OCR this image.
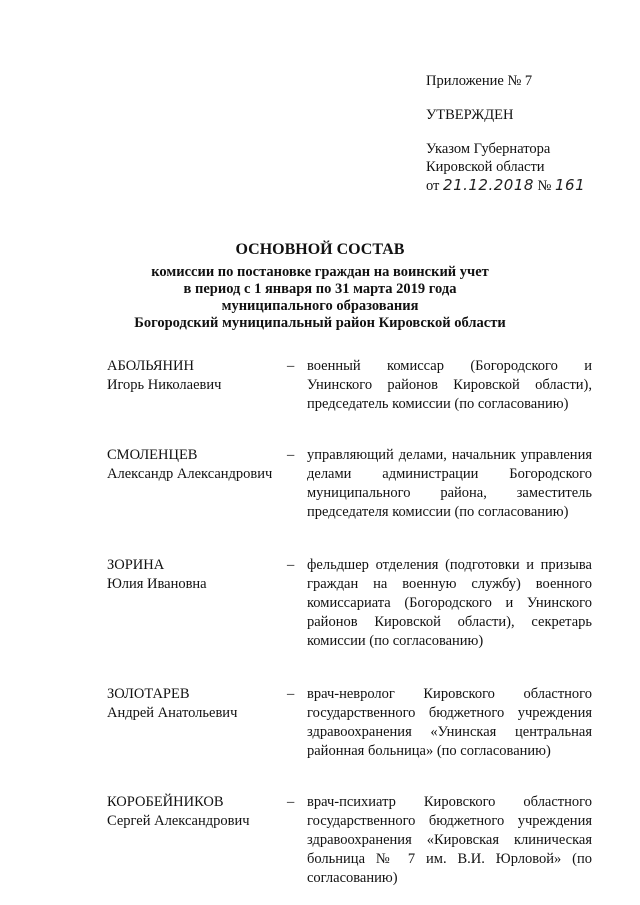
Приложение № 7
УТВЕРЖДЕН
Указом Губернатора
Кировской области
от 21.12.2018 № 161
ОСНОВНОЙ СОСТАВ
комиссии по постановке граждан на воинский учет
в период с 1 января по 31 марта 2019 года
муниципального образования
Богородский муниципальный район Кировской области
АБОЛЬЯНИН
Игорь Николаевич
– военный комиссар (Богородского и Унинского районов Кировской области), председатель комиссии (по согласованию)
СМОЛЕНЦЕВ
Александр Александрович
– управляющий делами, начальник управления делами администрации Богородского муниципального района, заместитель председателя комиссии (по согласованию)
ЗОРИНА
Юлия Ивановна
– фельдшер отделения (подготовки и призыва граждан на военную службу) военного комиссариата (Богородского и Унинского районов Кировской области), секретарь комиссии (по согласованию)
ЗОЛОТАРЕВ
Андрей Анатольевич
– врач-невролог Кировского областного государственного бюджетного учреждения здравоохранения «Унинская центральная районная больница» (по согласованию)
КОРОБЕЙНИКОВ
Сергей Александрович
– врач-психиатр Кировского областного государственного бюджетного учреждения здравоохранения «Кировская клиническая больница № 7 им. В.И. Юрловой» (по согласованию)
